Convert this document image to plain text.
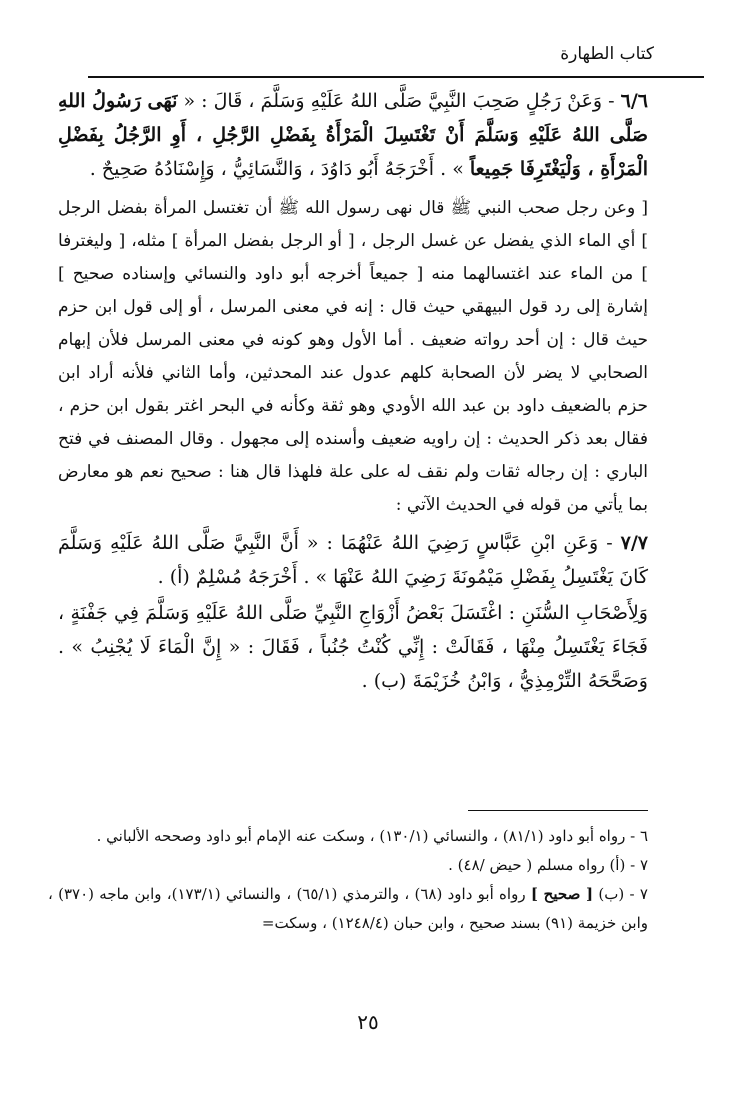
كتاب الطهارة

٦/٦ - وَعَنْ رَجُلٍ صَحِبَ النَّبِيَّ صَلَّى اللهُ عَلَيْهِ وَسَلَّمَ ، قَالَ : « نَهَى رَسُولُ اللهِ صَلَّى اللهُ عَلَيْهِ وَسَلَّمَ أَنْ تَغْتَسِلَ الْمَرْأَةُ بِفَضْلِ الرَّجُلِ ، أَوِ الرَّجُلُ بِفَضْلِ الْمَرْأَةِ ، وَلْيَغْتَرِفَا جَمِيعاً » . أَخْرَجَهُ أَبُو دَاوُدَ ، وَالنَّسَائِيُّ ، وَإِسْنَادُهُ صَحِيحٌ .

[ وعن رجل صحب النبي ﷺ قال نهى رسول الله ﷺ أن تغتسل المرأة بفضل الرجل ] أي الماء الذي يفضل عن غسل الرجل ، [ أو الرجل بفضل المرأة ] مثله، [ وليغترفا ] من الماء عند اغتسالهما منه [ جميعاً أخرجه أبو داود والنسائي وإسناده صحيح ] إشارة إلى رد قول البيهقي حيث قال : إنه في معنى المرسل ، أو إلى قول ابن حزم حيث قال : إن أحد رواته ضعيف . أما الأول وهو كونه في معنى المرسل فلأن إبهام الصحابي لا يضر لأن الصحابة كلهم عدول عند المحدثين، وأما الثاني فلأنه أراد ابن حزم بالضعيف داود بن عبد الله الأودي وهو ثقة وكأنه في البحر اغتر بقول ابن حزم ، فقال بعد ذكر الحديث : إن راويه ضعيف وأسنده إلى مجهول . وقال المصنف في فتح الباري : إن رجاله ثقات ولم نقف له على علة فلهذا قال هنا : صحيح نعم هو معارض بما يأتي من قوله في الحديث الآتي :

٧/٧ - وَعَنِ ابْنِ عَبَّاسٍ رَضِيَ اللهُ عَنْهُمَا : « أَنَّ النَّبِيَّ صَلَّى اللهُ عَلَيْهِ وَسَلَّمَ كَانَ يَغْتَسِلُ بِفَضْلِ مَيْمُونَةَ رَضِيَ اللهُ عَنْهَا » . أَخْرَجَهُ مُسْلِمٌ (أ) .

وَلِأَصْحَابِ السُّنَنِ : اغْتَسَلَ بَعْضُ أَزْوَاجِ النَّبِيِّ صَلَّى اللهُ عَلَيْهِ وَسَلَّمَ فِي جَفْنَةٍ ، فَجَاءَ يَغْتَسِلُ مِنْهَا ، فَقَالَتْ : إِنِّي كُنْتُ جُنُباً ، فَقَالَ : « إِنَّ الْمَاءَ لَا يُجْنِبُ » . وَصَحَّحَهُ التِّرْمِذِيُّ ، وَابْنُ خُزَيْمَةَ (ب) .

٦ - رواه أبو داود (٨١/١) ، والنسائي (١٣٠/١) ، وسكت عنه الإمام أبو داود وصححه الألباني .

٧ - (أ) رواه مسلم ( حيض /٤٨) .

٧ - (ب) [ صحيح ] رواه أبو داود (٦٨) ، والترمذي (٦٥/١) ، والنسائي (١٧٣/١)، وابن ماجه (٣٧٠) ، وابن خزيمة (٩١) بسند صحيح ، وابن حبان (١٢٤٨/٤) ، وسكت=

٢٥
